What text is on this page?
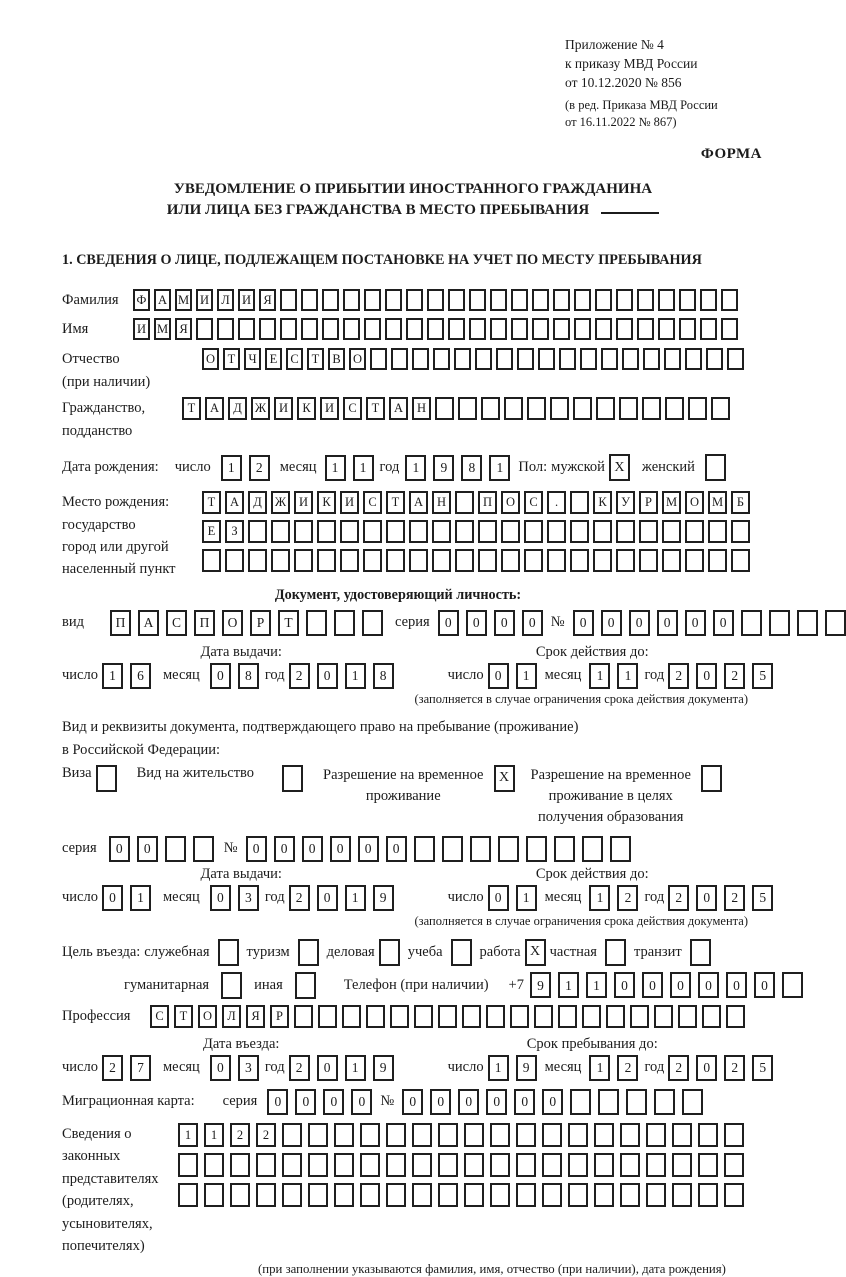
Приложение № 4
к приказу МВД России
от 10.12.2020 № 856
(в ред. Приказа МВД России
от 16.11.2022 № 867)
ФОРМА
УВЕДОМЛЕНИЕ О ПРИБЫТИИ ИНОСТРАННОГО ГРАЖДАНИНА
ИЛИ ЛИЦА БЕЗ ГРАЖДАНСТВА В МЕСТО ПРЕБЫВАНИЯ
1. СВЕДЕНИЯ О ЛИЦЕ, ПОДЛЕЖАЩЕМ ПОСТАНОВКЕ НА УЧЕТ ПО МЕСТУ ПРЕБЫВАНИЯ
Фамилия	Ф А М И Л И Я
Имя	И М Я
Отчество
(при наличии)
О	Т	Ч	Е	С	Т	В О
Гражданство,
подданство
Т	А	Д	Ж	И	К	И	С	Т	А	Н
Дата рождения: число	1	2	месяц	1	1 год 1	9	8	1	Пол: мужской X	женский
Место рождения:
государство
город или другой
населенный пункт
Т	А	Д	Ж	И	К	И	С	Т	А	Н	П	О	С	.	К	У	Р	М	О	М	Б
Е	З
Документ, удостоверяющий личность:
вид	П	А	С	П	О	Р	Т	серия	0	0	0	0	№	0	0	0	0	0	0
Дата выдачи:	Срок действия до:
число 1	6	месяц	0	8 год 2	0	1	8	число 0	1	месяц	1	1 год 2	0	2	5
(заполняется в случае ограничения срока действия документа)
Вид и реквизиты документа, подтверждающего право на пребывание (проживание)
в Российской Федерации:
Виза	Вид на жительство	Разрешение на временное
проживание
X	Разрешение на временное
проживание в целях
получения образования
серия	0	0	№	0	0	0	0	0	0
Дата выдачи:	Срок действия до:
число 0	1	месяц	0	3 год 2	0	1	9	число 0	1	месяц	1	2 год 2	0	2	5
(заполняется в случае ограничения срока действия документа)
Цель въезда: служебная	туризм	деловая учеба	работа X частная	транзит
гуманитарная	иная	Телефон (при наличии) +7 9	1	1	0	0	0	0	0	0
Профессия	С	Т	О	Л	Я	Р
Дата въезда:	Срок пребывания до:
число 2	7	месяц	0	3 год 2	0	1	9	число 1	9	месяц	1	2 год 2	0	2	5
Миграционная карта: серия	0	0	0	0	№	0	0	0	0	0	0
Сведения о
законных
представителях
(родителях,
усыновителях,
попечителях)
1	1	2	2
(при заполнении указываются фамилия, имя, отчество (при наличии), дата рождения)
